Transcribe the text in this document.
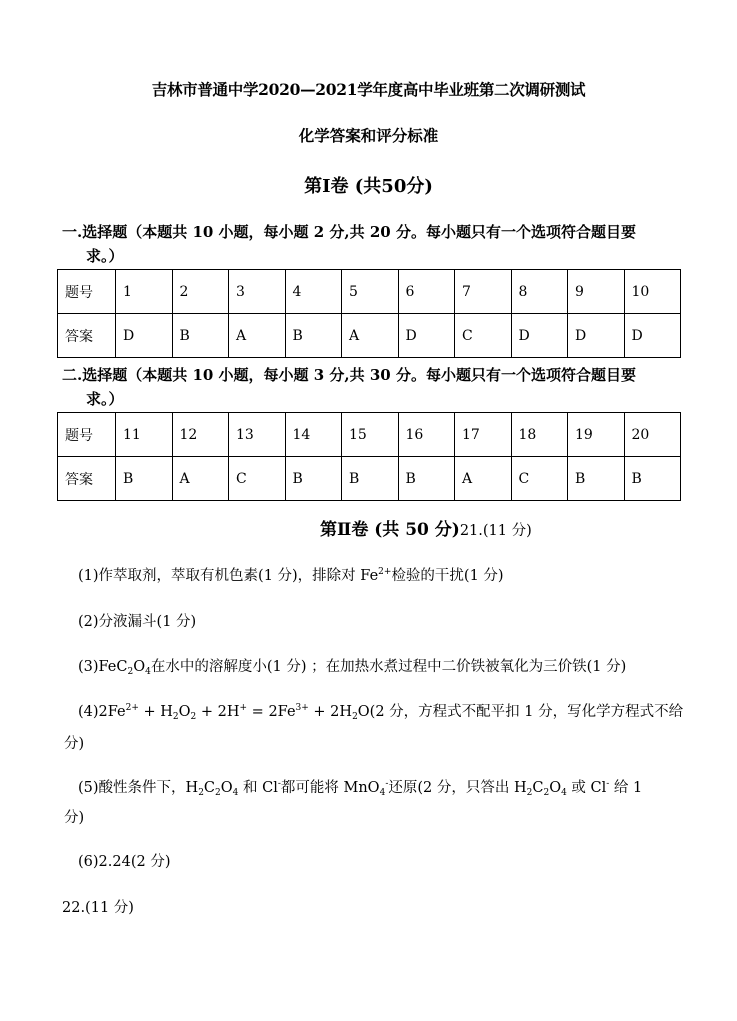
吉林市普通中学2020—2021学年度高中毕业班第二次调研测试
化学答案和评分标准
第Ⅰ卷 (共50分)
一.选择题（本题共 10 小题，每小题 2 分,共 20 分。每小题只有一个选项符合题目要
求。）
题号	1	2	3	4	5	6	7	8	9	10
答案	D	B	A	B	A	D	C	D	D	D
二.选择题（本题共 10 小题，每小题 3 分,共 30 分。每小题只有一个选项符合题目要
求。）
题号	11	12	13	14	15	16	17	18	19	20
答案	B	A	C	B	B	B	A	C	B	B
第Ⅱ卷 (共 50 分)21.(11 分)
(1)作萃取剂，萃取有机色素(1 分)，排除对 $Fe^{2+}$检验的干扰(1 分)
(2)分液漏斗(1 分)
$(3)FeC_2O_4$在水中的溶解度小(1 分) ；在加热水煮过程中二价铁被氧化为三价铁(1 分)
$(4)2Fe^{2+} + H_2O_2 + 2H^+ = 2Fe^{3+} + 2H_2O(2$ 分，方程式不配平扣 1 分，写化学方程式不给
分)
(5)酸性条件下，$H_2C_2O_4$ 和 Cl-都可能将 MnO$_4$-还原(2 分，只答出 $H_2C_2O_4$ 或 Cl- 给 1
分)
(6)2.24(2 分)
22.(11 分)
